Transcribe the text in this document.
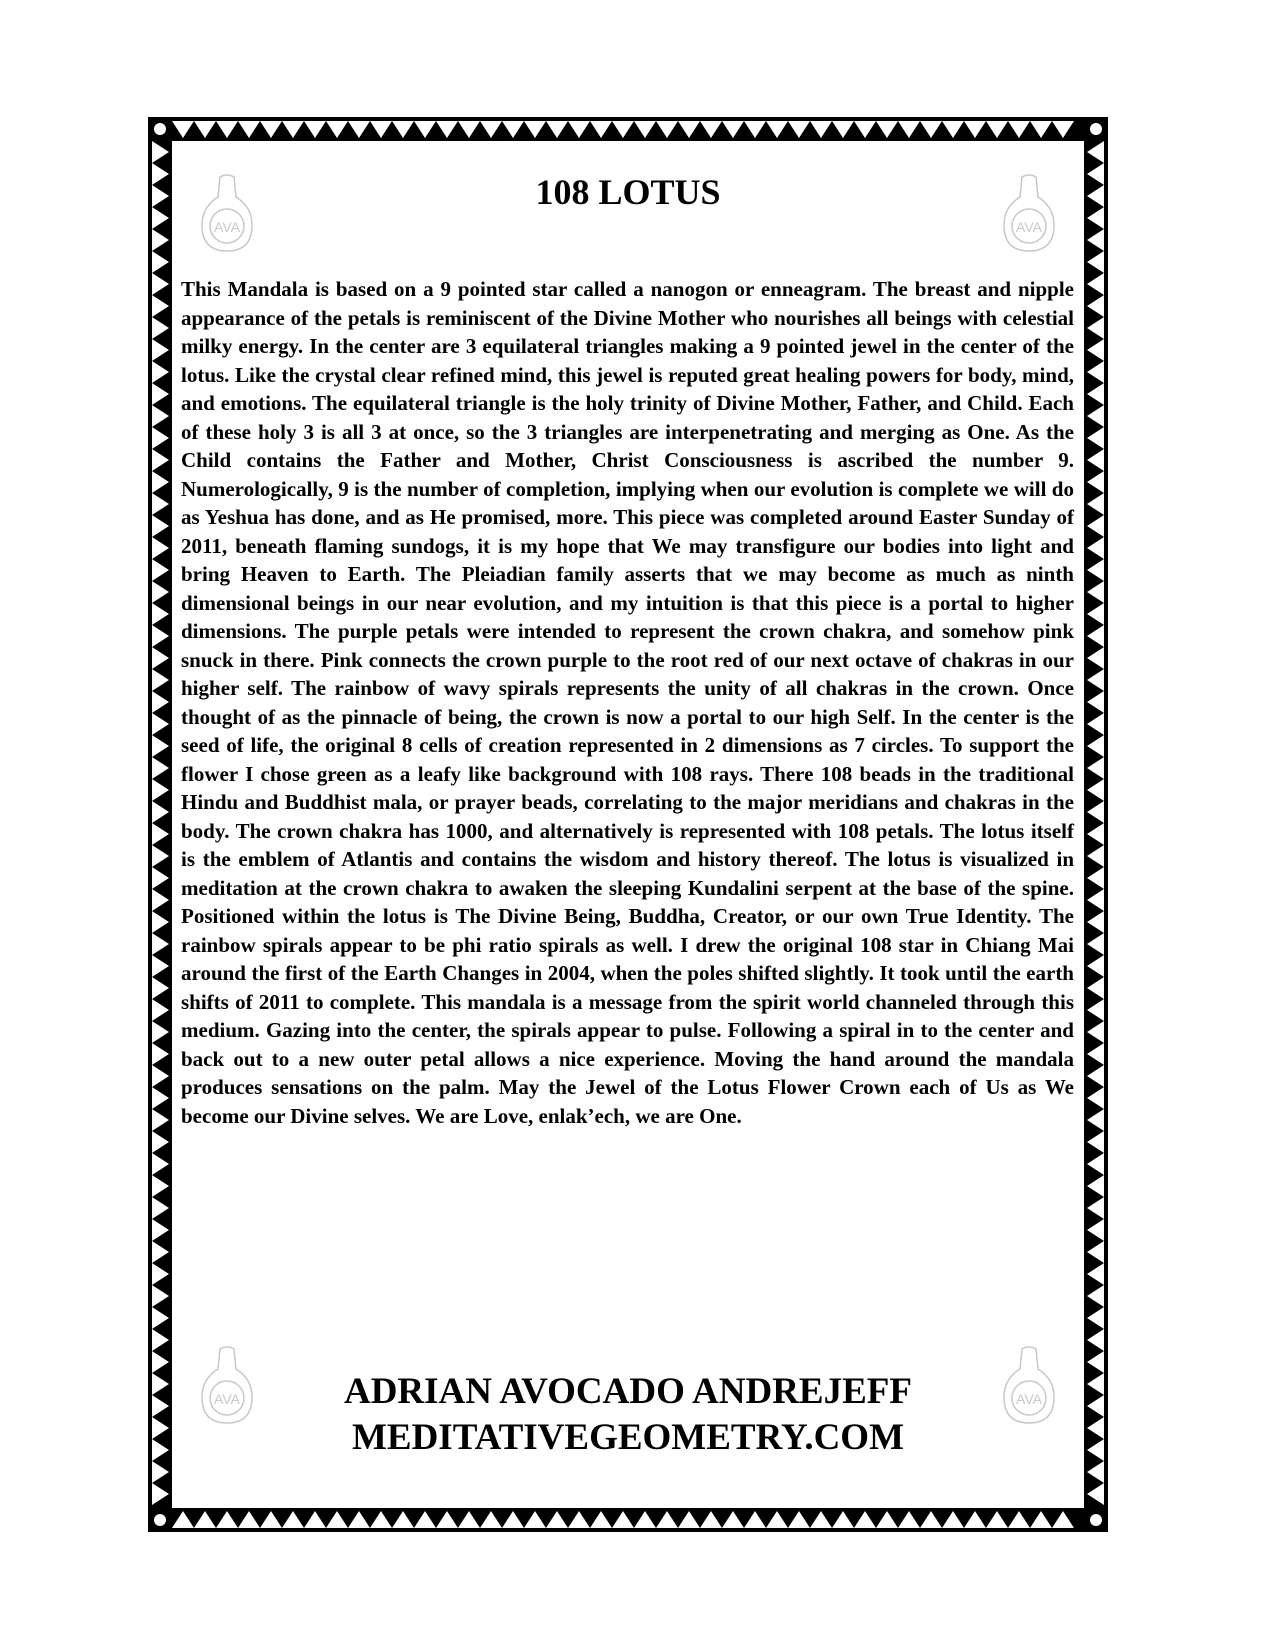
AVA	AVA
AVA	AVA
108 LOTUS

This Mandala is based on a 9 pointed star called a nanogon or enneagram. The breast and nipple appearance of the petals is reminiscent of the Divine Mother who nourishes all beings with celestial milky energy. In the center are 3 equilateral triangles making a 9 pointed jewel in the center of the lotus. Like the crystal clear refined mind, this jewel is reputed great healing powers for body, mind, and emotions. The equilateral triangle is the holy trinity of Divine Mother, Father, and Child. Each of these holy 3 is all 3 at once, so the 3 triangles are interpenetrating and merging as One. As the Child contains the Father and Mother, Christ Consciousness is ascribed the number 9. Numerologically, 9 is the number of completion, implying when our evolution is complete we will do as Yeshua has done, and as He promised, more. This piece was completed around Easter Sunday of 2011, beneath flaming sundogs, it is my hope that We may transfigure our bodies into light and bring Heaven to Earth. The Pleiadian family asserts that we may become as much as ninth dimensional beings in our near evolution, and my intuition is that this piece is a portal to higher dimensions. The purple petals were intended to represent the crown chakra, and somehow pink snuck in there. Pink connects the crown purple to the root red of our next octave of chakras in our higher self. The rainbow of wavy spirals represents the unity of all chakras in the crown. Once thought of as the pinnacle of being, the crown is now a portal to our high Self. In the center is the seed of life, the original 8 cells of creation represented in 2 dimensions as 7 circles. To support the flower I chose green as a leafy like background with 108 rays. There 108 beads in the traditional Hindu and Buddhist mala, or prayer beads, correlating to the major meridians and chakras in the body. The crown chakra has 1000, and alternatively is represented with 108 petals. The lotus itself is the emblem of Atlantis and contains the wisdom and history thereof. The lotus is visualized in meditation at the crown chakra to awaken the sleeping Kundalini serpent at the base of the spine. Positioned within the lotus is The Divine Being, Buddha, Creator, or our own True Identity. The rainbow spirals appear to be phi ratio spirals as well. I drew the original 108 star in Chiang Mai around the first of the Earth Changes in 2004, when the poles shifted slightly. It took until the earth shifts of 2011 to complete. This mandala is a message from the spirit world channeled through this medium. Gazing into the center, the spirals appear to pulse. Following a spiral in to the center and back out to a new outer petal allows a nice experience. Moving the hand around the mandala produces sensations on the palm. May the Jewel of the Lotus Flower Crown each of Us as We become our Divine selves. We are Love, enlak’ech, we are One.

ADRIAN AVOCADO ANDREJEFF
MEDITATIVEGEOMETRY.COM
